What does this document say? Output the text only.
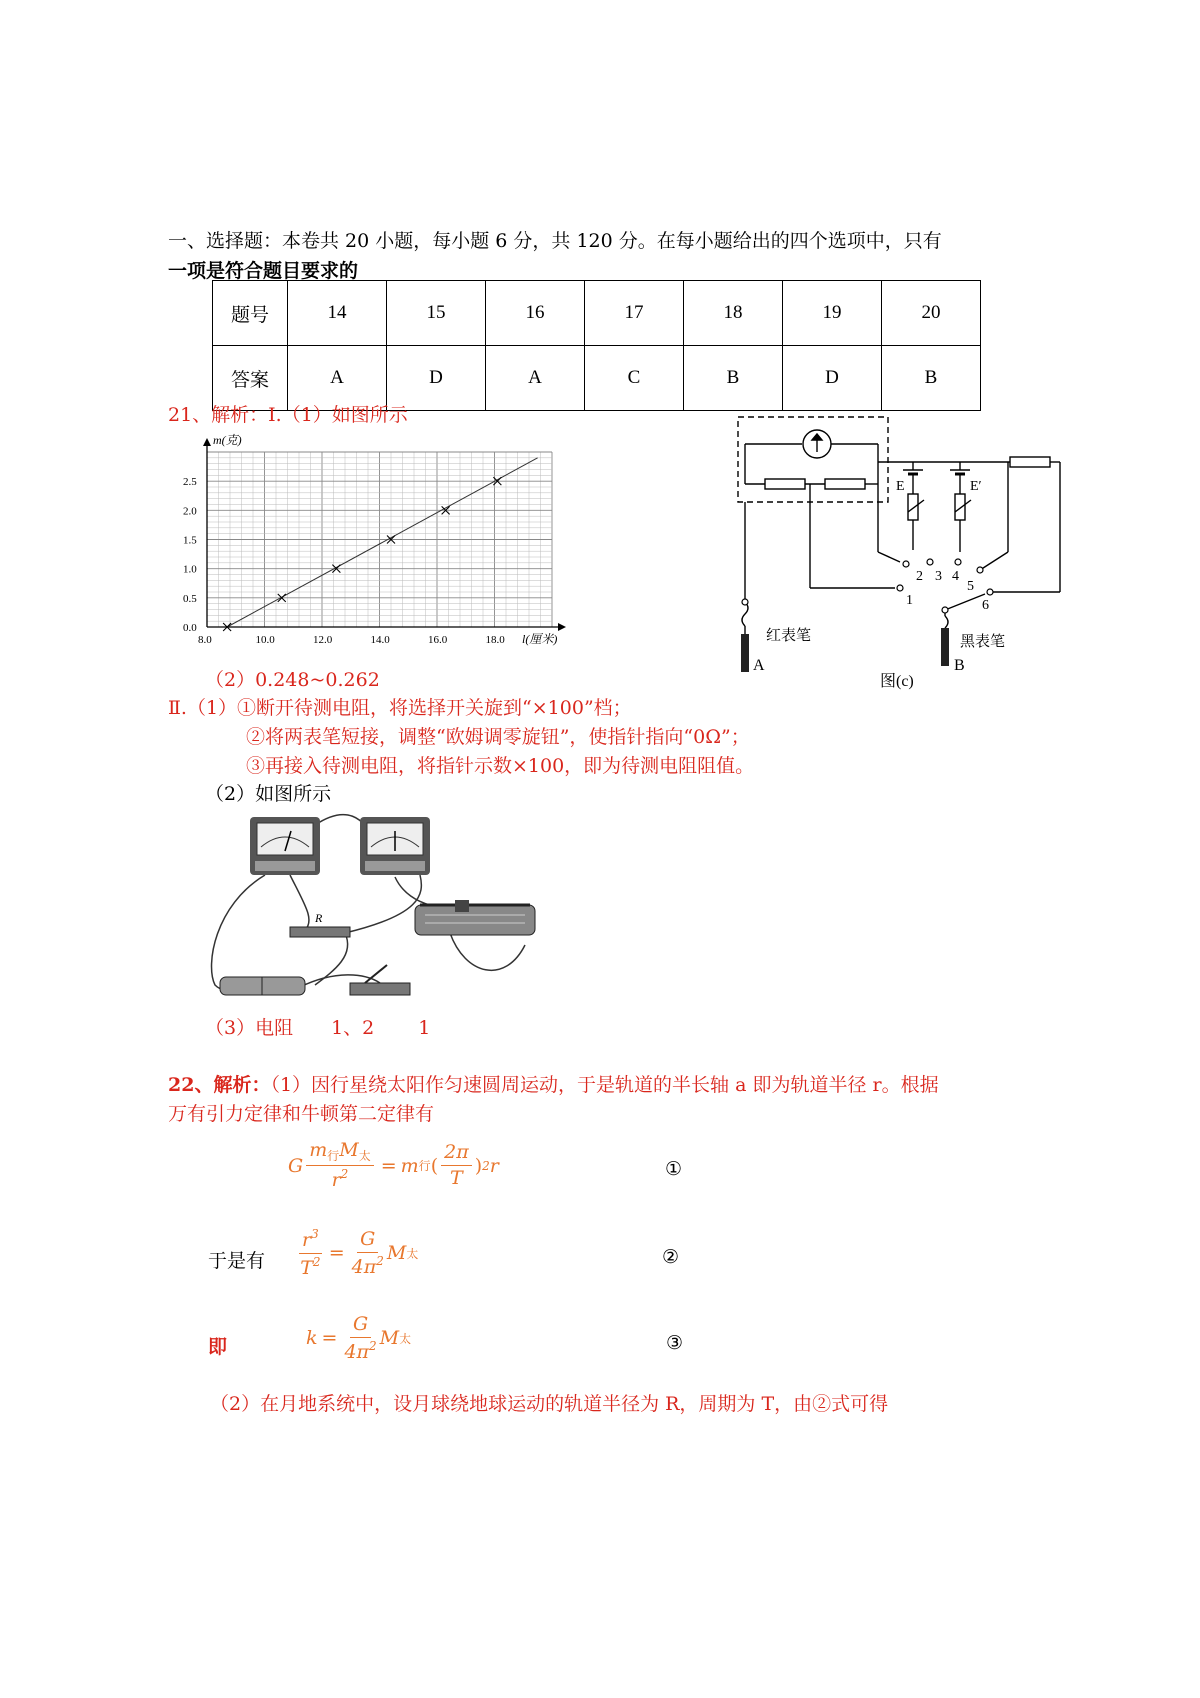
一、选择题：本卷共 20 小题，每小题 6 分，共 120 分。在每小题给出的四个选项中，只有
一项是符合题目要求的
题号	14	15	16	17	18	19	20
答案	A	D	A	C	B	D	B
21、解析：Ⅰ.（1）如图所示
0.0
0.5
1.0
1.5
2.0
2.5
8.0	10.0	12.0	14.0	16.0	18.0
m(克)
l(厘米)
（2）0.248~0.262
Ⅱ.（1）①断开待测电阻，将选择开关旋到“×100”档；
②将两表笔短接，调整“欧姆调零旋钮”，使指针指向“0Ω”；
③再接入待测电阻，将指针示数×100，即为待测电阻阻值。
（2）如图所示
R
（3）电阻　　1、2　　 1
E	E′
1
2 3 4
5
6
红表笔	黑表笔
A	B
图(c)
22、解析：（1）因行星绕太阳作匀速圆周运动，于是轨道的半长轴 a 即为轨道半径 r。根据
万有引力定律和牛顿第二定律有
G $\frac{m_行M_太}{r^2} = m$ 行 ( $\frac{2\pi}{T}$ ) 2 r	①
于是有 $\frac{r^3}{T^2} = \frac{G}{4\pi^2}$ M 太	②
即	$k = \frac{G}{4\pi^2}$ M 太	③
（2）在月地系统中，设月球绕地球运动的轨道半径为 R，周期为 T，由②式可得
